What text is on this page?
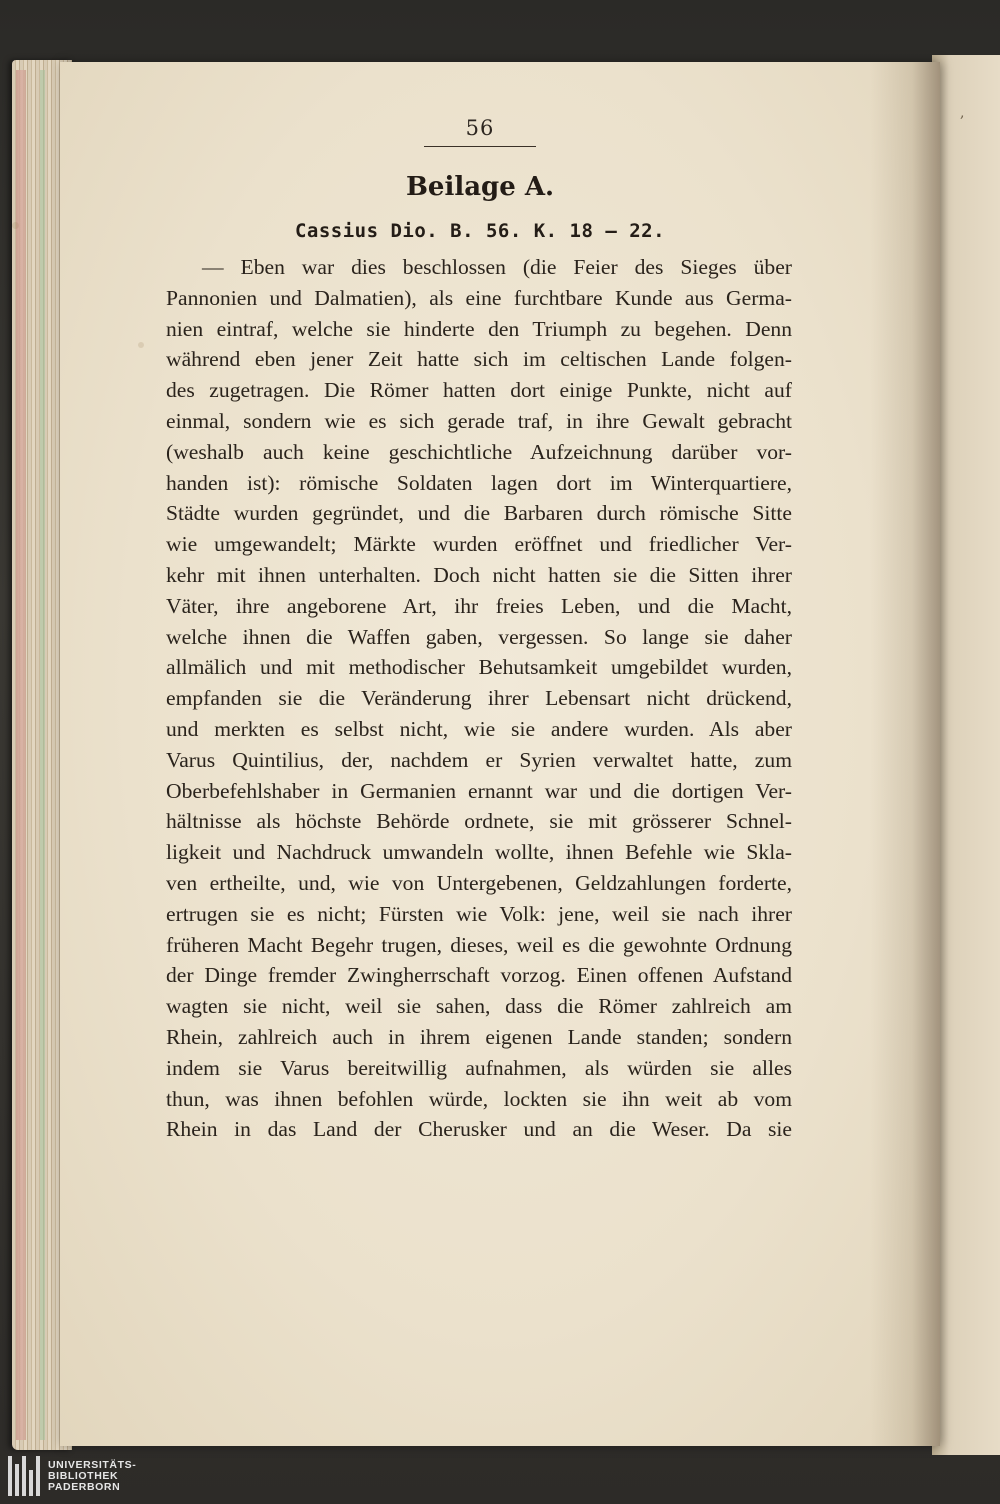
,
56
Beilage A.
Cassius Dio. B. 56. K. 18 — 22.
— Eben war dies beschlossen (die Feier des Sieges über
Pannonien und Dalmatien), als eine furchtbare Kunde aus Germa-
nien eintraf, welche sie hinderte den Triumph zu begehen. Denn
während eben jener Zeit hatte sich im celtischen Lande folgen-
des zugetragen. Die Römer hatten dort einige Punkte, nicht auf
einmal, sondern wie es sich gerade traf, in ihre Gewalt gebracht
(weshalb auch keine geschichtliche Aufzeichnung darüber vor-
handen ist): römische Soldaten lagen dort im Winterquartiere,
Städte wurden gegründet, und die Barbaren durch römische Sitte
wie umgewandelt; Märkte wurden eröffnet und friedlicher Ver-
kehr mit ihnen unterhalten. Doch nicht hatten sie die Sitten ihrer
Väter, ihre angeborene Art, ihr freies Leben, und die Macht,
welche ihnen die Waffen gaben, vergessen. So lange sie daher
allmälich und mit methodischer Behutsamkeit umgebildet wurden,
empfanden sie die Veränderung ihrer Lebensart nicht drückend,
und merkten es selbst nicht, wie sie andere wurden. Als aber
Varus Quintilius, der, nachdem er Syrien verwaltet hatte, zum
Oberbefehlshaber in Germanien ernannt war und die dortigen Ver-
hältnisse als höchste Behörde ordnete, sie mit grösserer Schnel-
ligkeit und Nachdruck umwandeln wollte, ihnen Befehle wie Skla-
ven ertheilte, und, wie von Untergebenen, Geldzahlungen forderte,
ertrugen sie es nicht; Fürsten wie Volk: jene, weil sie nach ihrer
früheren Macht Begehr trugen, dieses, weil es die gewohnte Ordnung
der Dinge fremder Zwingherrschaft vorzog. Einen offenen Aufstand
wagten sie nicht, weil sie sahen, dass die Römer zahlreich am
Rhein, zahlreich auch in ihrem eigenen Lande standen; sondern
indem sie Varus bereitwillig aufnahmen, als würden sie alles
thun, was ihnen befohlen würde, lockten sie ihn weit ab vom
Rhein in das Land der Cherusker und an die Weser. Da sie
UNIVERSITÄTS-
BIBLIOTHEK
PADERBORN
